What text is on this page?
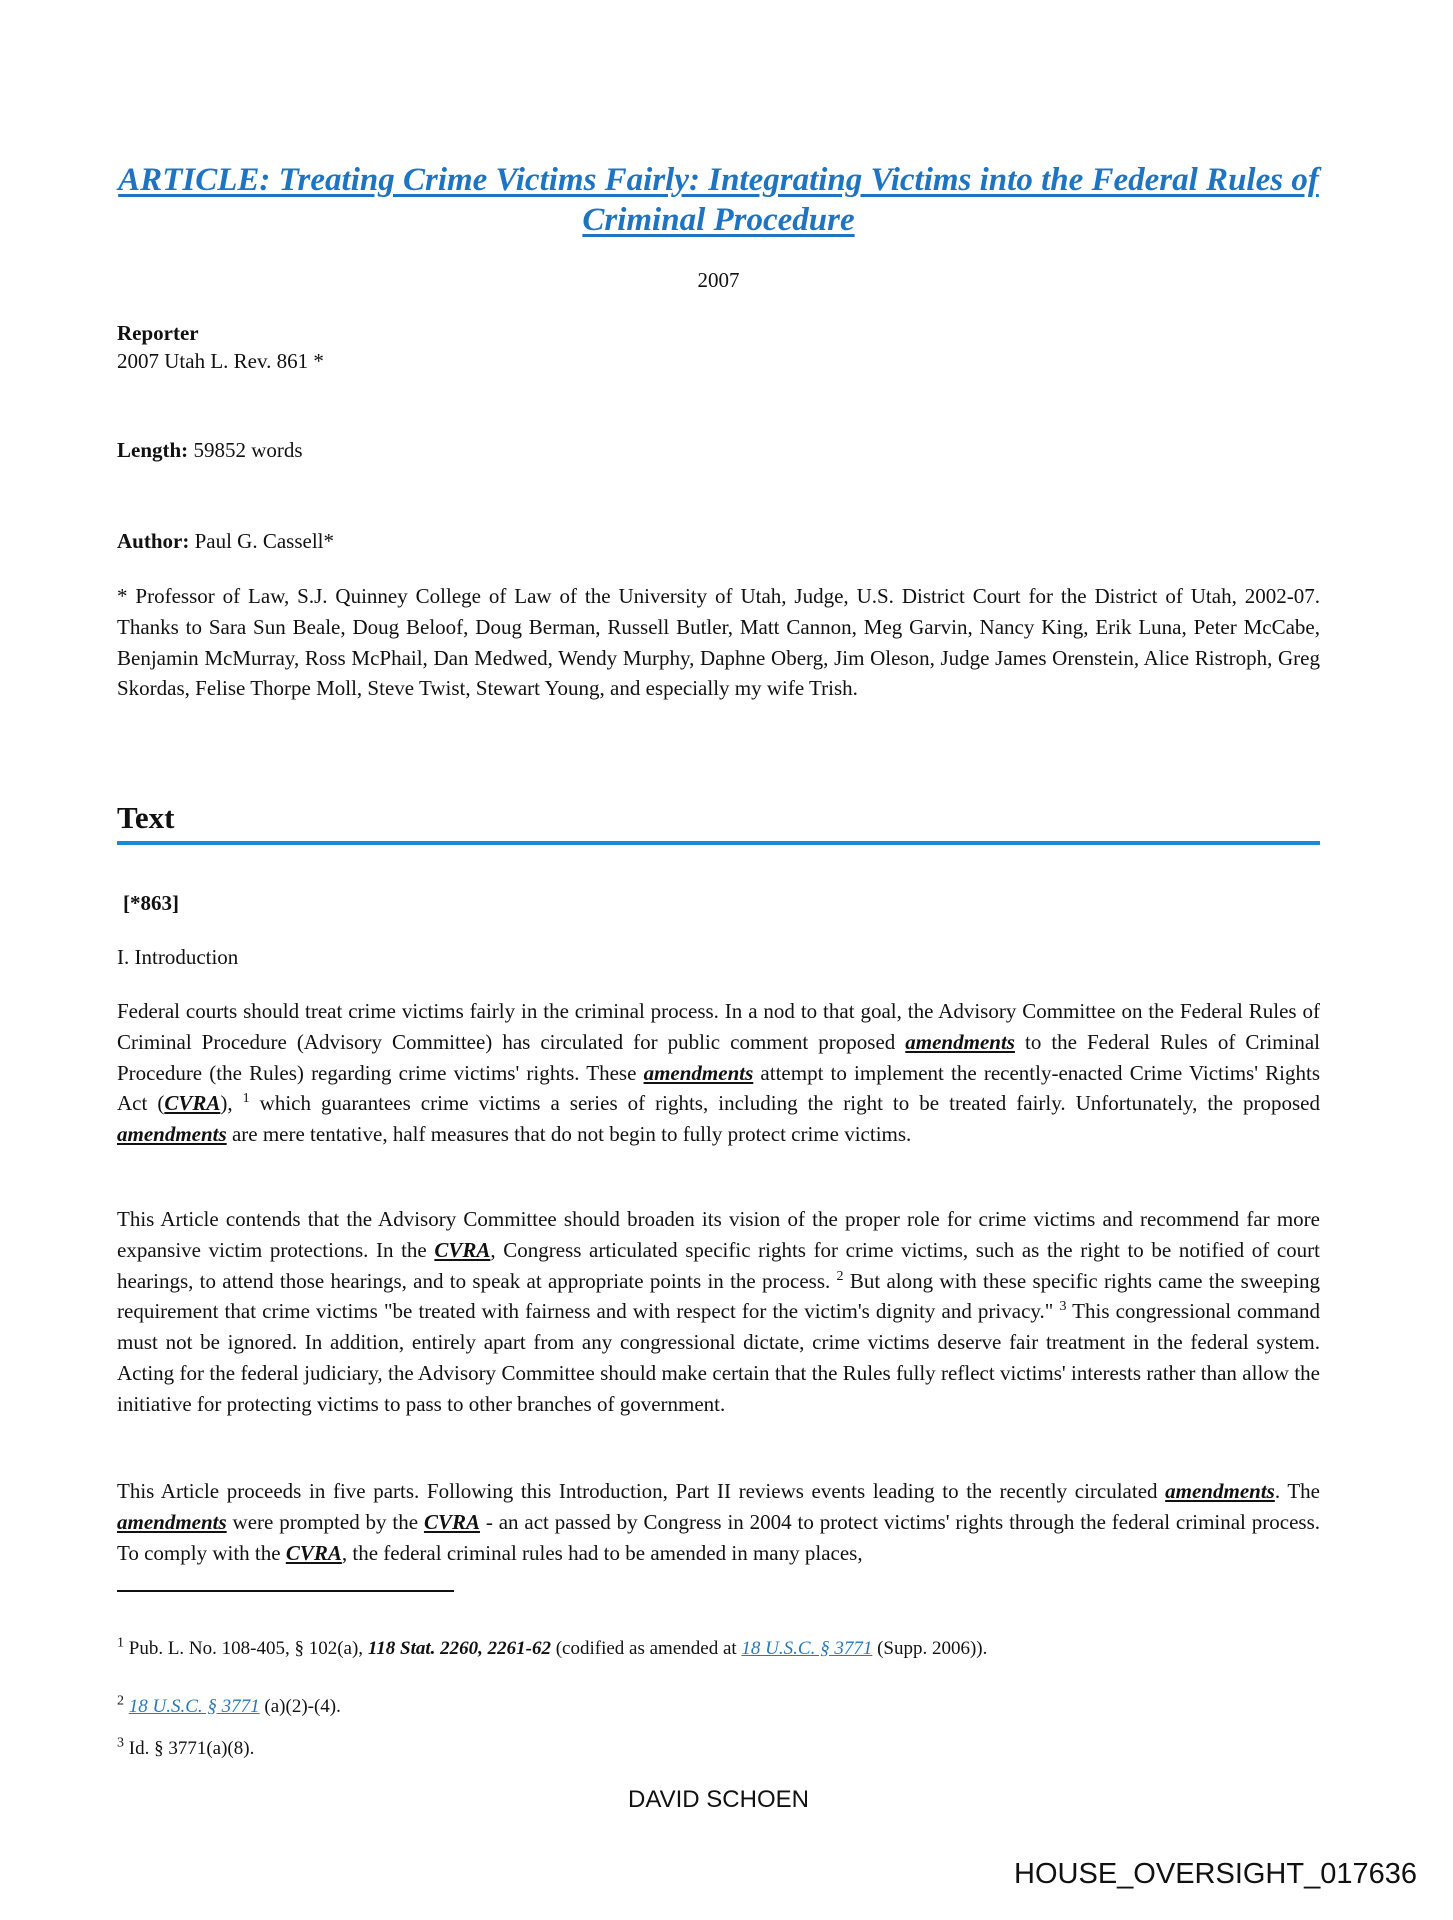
ARTICLE: Treating Crime Victims Fairly: Integrating Victims into the Federal Rules of Criminal Procedure
2007
Reporter
2007 Utah L. Rev. 861 *
Length: 59852 words
Author: Paul G. Cassell*
* Professor of Law, S.J. Quinney College of Law of the University of Utah, Judge, U.S. District Court for the District of Utah, 2002-07. Thanks to Sara Sun Beale, Doug Beloof, Doug Berman, Russell Butler, Matt Cannon, Meg Garvin, Nancy King, Erik Luna, Peter McCabe, Benjamin McMurray, Ross McPhail, Dan Medwed, Wendy Murphy, Daphne Oberg, Jim Oleson, Judge James Orenstein, Alice Ristroph, Greg Skordas, Felise Thorpe Moll, Steve Twist, Stewart Young, and especially my wife Trish.
Text
[*863]
I. Introduction
Federal courts should treat crime victims fairly in the criminal process. In a nod to that goal, the Advisory Committee on the Federal Rules of Criminal Procedure (Advisory Committee) has circulated for public comment proposed amendments to the Federal Rules of Criminal Procedure (the Rules) regarding crime victims' rights. These amendments attempt to implement the recently-enacted Crime Victims' Rights Act (CVRA), $^1$ which guarantees crime victims a series of rights, including the right to be treated fairly. Unfortunately, the proposed amendments are mere tentative, half measures that do not begin to fully protect crime victims.
This Article contends that the Advisory Committee should broaden its vision of the proper role for crime victims and recommend far more expansive victim protections. In the CVRA, Congress articulated specific rights for crime victims, such as the right to be notified of court hearings, to attend those hearings, and to speak at appropriate points in the process. $^2$ But along with these specific rights came the sweeping requirement that crime victims "be treated with fairness and with respect for the victim's dignity and privacy." $^3$ This congressional command must not be ignored. In addition, entirely apart from any congressional dictate, crime victims deserve fair treatment in the federal system. Acting for the federal judiciary, the Advisory Committee should make certain that the Rules fully reflect victims' interests rather than allow the initiative for protecting victims to pass to other branches of government.
This Article proceeds in five parts. Following this Introduction, Part II reviews events leading to the recently circulated amendments. The amendments were prompted by the CVRA - an act passed by Congress in 2004 to protect victims' rights through the federal criminal process. To comply with the CVRA, the federal criminal rules had to be amended in many places,
$^1$ Pub. L. No. 108-405, § 102(a), 118 Stat. 2260, 2261-62 (codified as amended at 18 U.S.C. § 3771 (Supp. 2006)).
$^2$ 18 U.S.C. § 3771 (a)(2)-(4).
$^3$ Id. § 3771(a)(8).
DAVID SCHOEN
HOUSE_OVERSIGHT_017636
